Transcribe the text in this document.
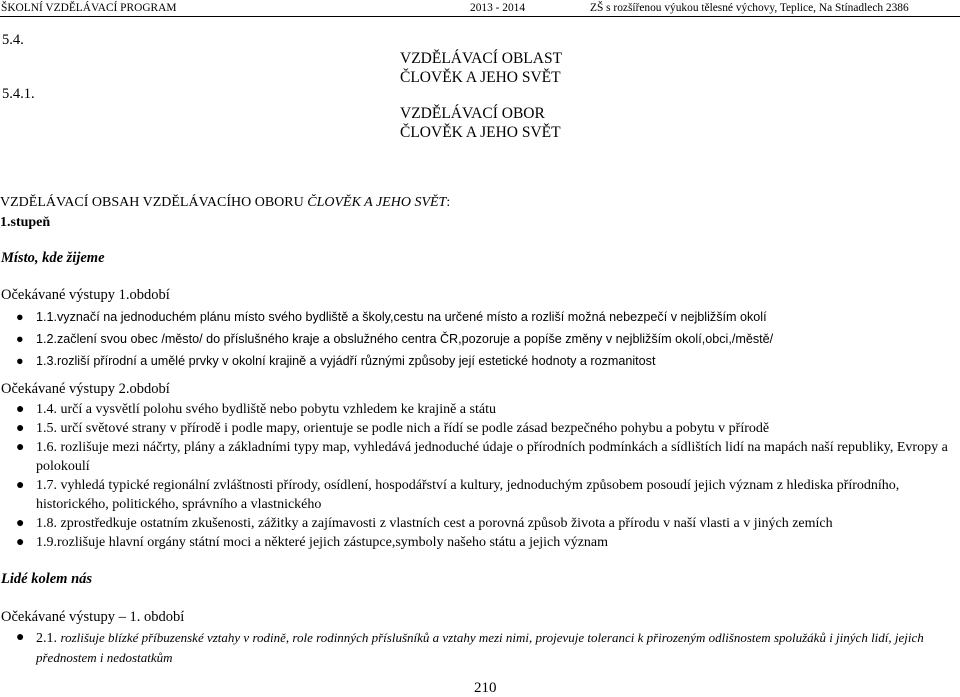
ŠKOLNÍ VZDĚLÁVACÍ PROGRAM	2013 - 2014	ZŠ s rozšířenou výukou tělesné výchovy, Teplice, Na Stínadlech 2386
5.4.
5.4.1.
VZDĚLÁVACÍ OBLAST
ČLOVĚK A JEHO SVĚT
VZDĚLÁVACÍ OBOR
ČLOVĚK A JEHO SVĚT
VZDĚLÁVACÍ OBSAH VZDĚLÁVACÍHO OBORU ČLOVĚK A JEHO SVĚT:
1.stupeň
Místo, kde žijeme
Očekávané výstupy 1.období
● 1.1.vyznačí na jednoduchém plánu místo svého bydliště a školy,cestu na určené místo a rozliší možná nebezpečí v nejbližším okolí
● 1.2.začlení svou obec /město/ do příslušného kraje a obslužného centra ČR,pozoruje a popíše změny v nejbližším okolí,obci,/městě/
● 1.3.rozliší přírodní a umělé prvky v okolní krajině a vyjádří různými způsoby její estetické hodnoty a rozmanitost
Očekávané výstupy 2.období
● 1.4. určí a vysvětlí polohu svého bydliště nebo pobytu vzhledem ke krajině a státu
● 1.5. určí světové strany v přírodě i podle mapy, orientuje se podle nich a řídí se podle zásad bezpečného pohybu a pobytu v přírodě
● 1.6. rozlišuje mezi náčrty, plány a základními typy map, vyhledává jednoduché údaje o přírodních podmínkách a sídlištích lidí na mapách naší republiky, Evropy a polokoulí
● 1.7. vyhledá typické regionální zvláštnosti přírody, osídlení, hospodářství a kultury, jednoduchým způsobem posoudí jejich význam z hlediska přírodního, historického, politického, správního a vlastnického
● 1.8. zprostředkuje ostatním zkušenosti, zážitky a zajímavosti z vlastních cest a porovná způsob života a přírodu v naší vlasti a v jiných zemích
● 1.9.rozlišuje hlavní orgány státní moci a některé jejich zástupce,symboly našeho státu a jejich význam
Lidé kolem nás
Očekávané výstupy – 1. období
● 2.1. rozlišuje blízké příbuzenské vztahy v rodině, role rodinných příslušníků a vztahy mezi nimi, projevuje toleranci k přirozeným odlišnostem spolužáků i jiných lidí, jejich přednostem i nedostatkům
210
